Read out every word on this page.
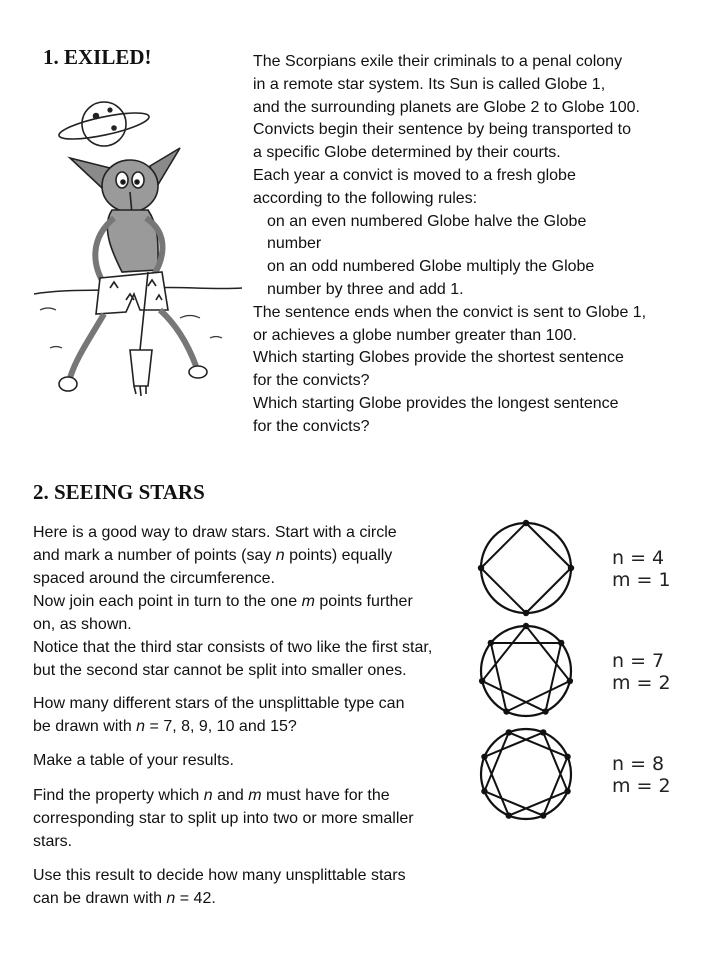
1. EXILED!	The Scorpians exile their criminals to a penal colony
in a remote star system. Its Sun is called Globe 1,
and the surrounding planets are Globe 2 to Globe 100.
Convicts begin their sentence by being transported to
a specific Globe determined by their courts.
Each year a convict is moved to a fresh globe
according to the following rules:
on an even numbered Globe halve the Globe
number
on an odd numbered Globe multiply the Globe
number by three and add 1.
The sentence ends when the convict is sent to Globe 1,
or achieves a globe number greater than 100.
Which starting Globes provide the shortest sentence
for the convicts?
Which starting Globe provides the longest sentence
for the convicts?
2. SEEING STARS
Here is a good way to draw stars. Start with a circle
and mark a number of points (say n points) equally
spaced around the circumference.
Now join each point in turn to the one m points further
on, as shown.
Notice that the third star consists of two like the first star,
but the second star cannot be split into smaller ones.
How many different stars of the unsplittable type can
be drawn with n = 7, 8, 9, 10 and 15?
Make a table of your results.
Find the property which n and m must have for the
corresponding star to split up into two or more smaller
stars.
Use this result to decide how many unsplittable stars
can be drawn with n = 42.
n = 4
m = 1
n = 7
m = 2
n = 8
m = 2
